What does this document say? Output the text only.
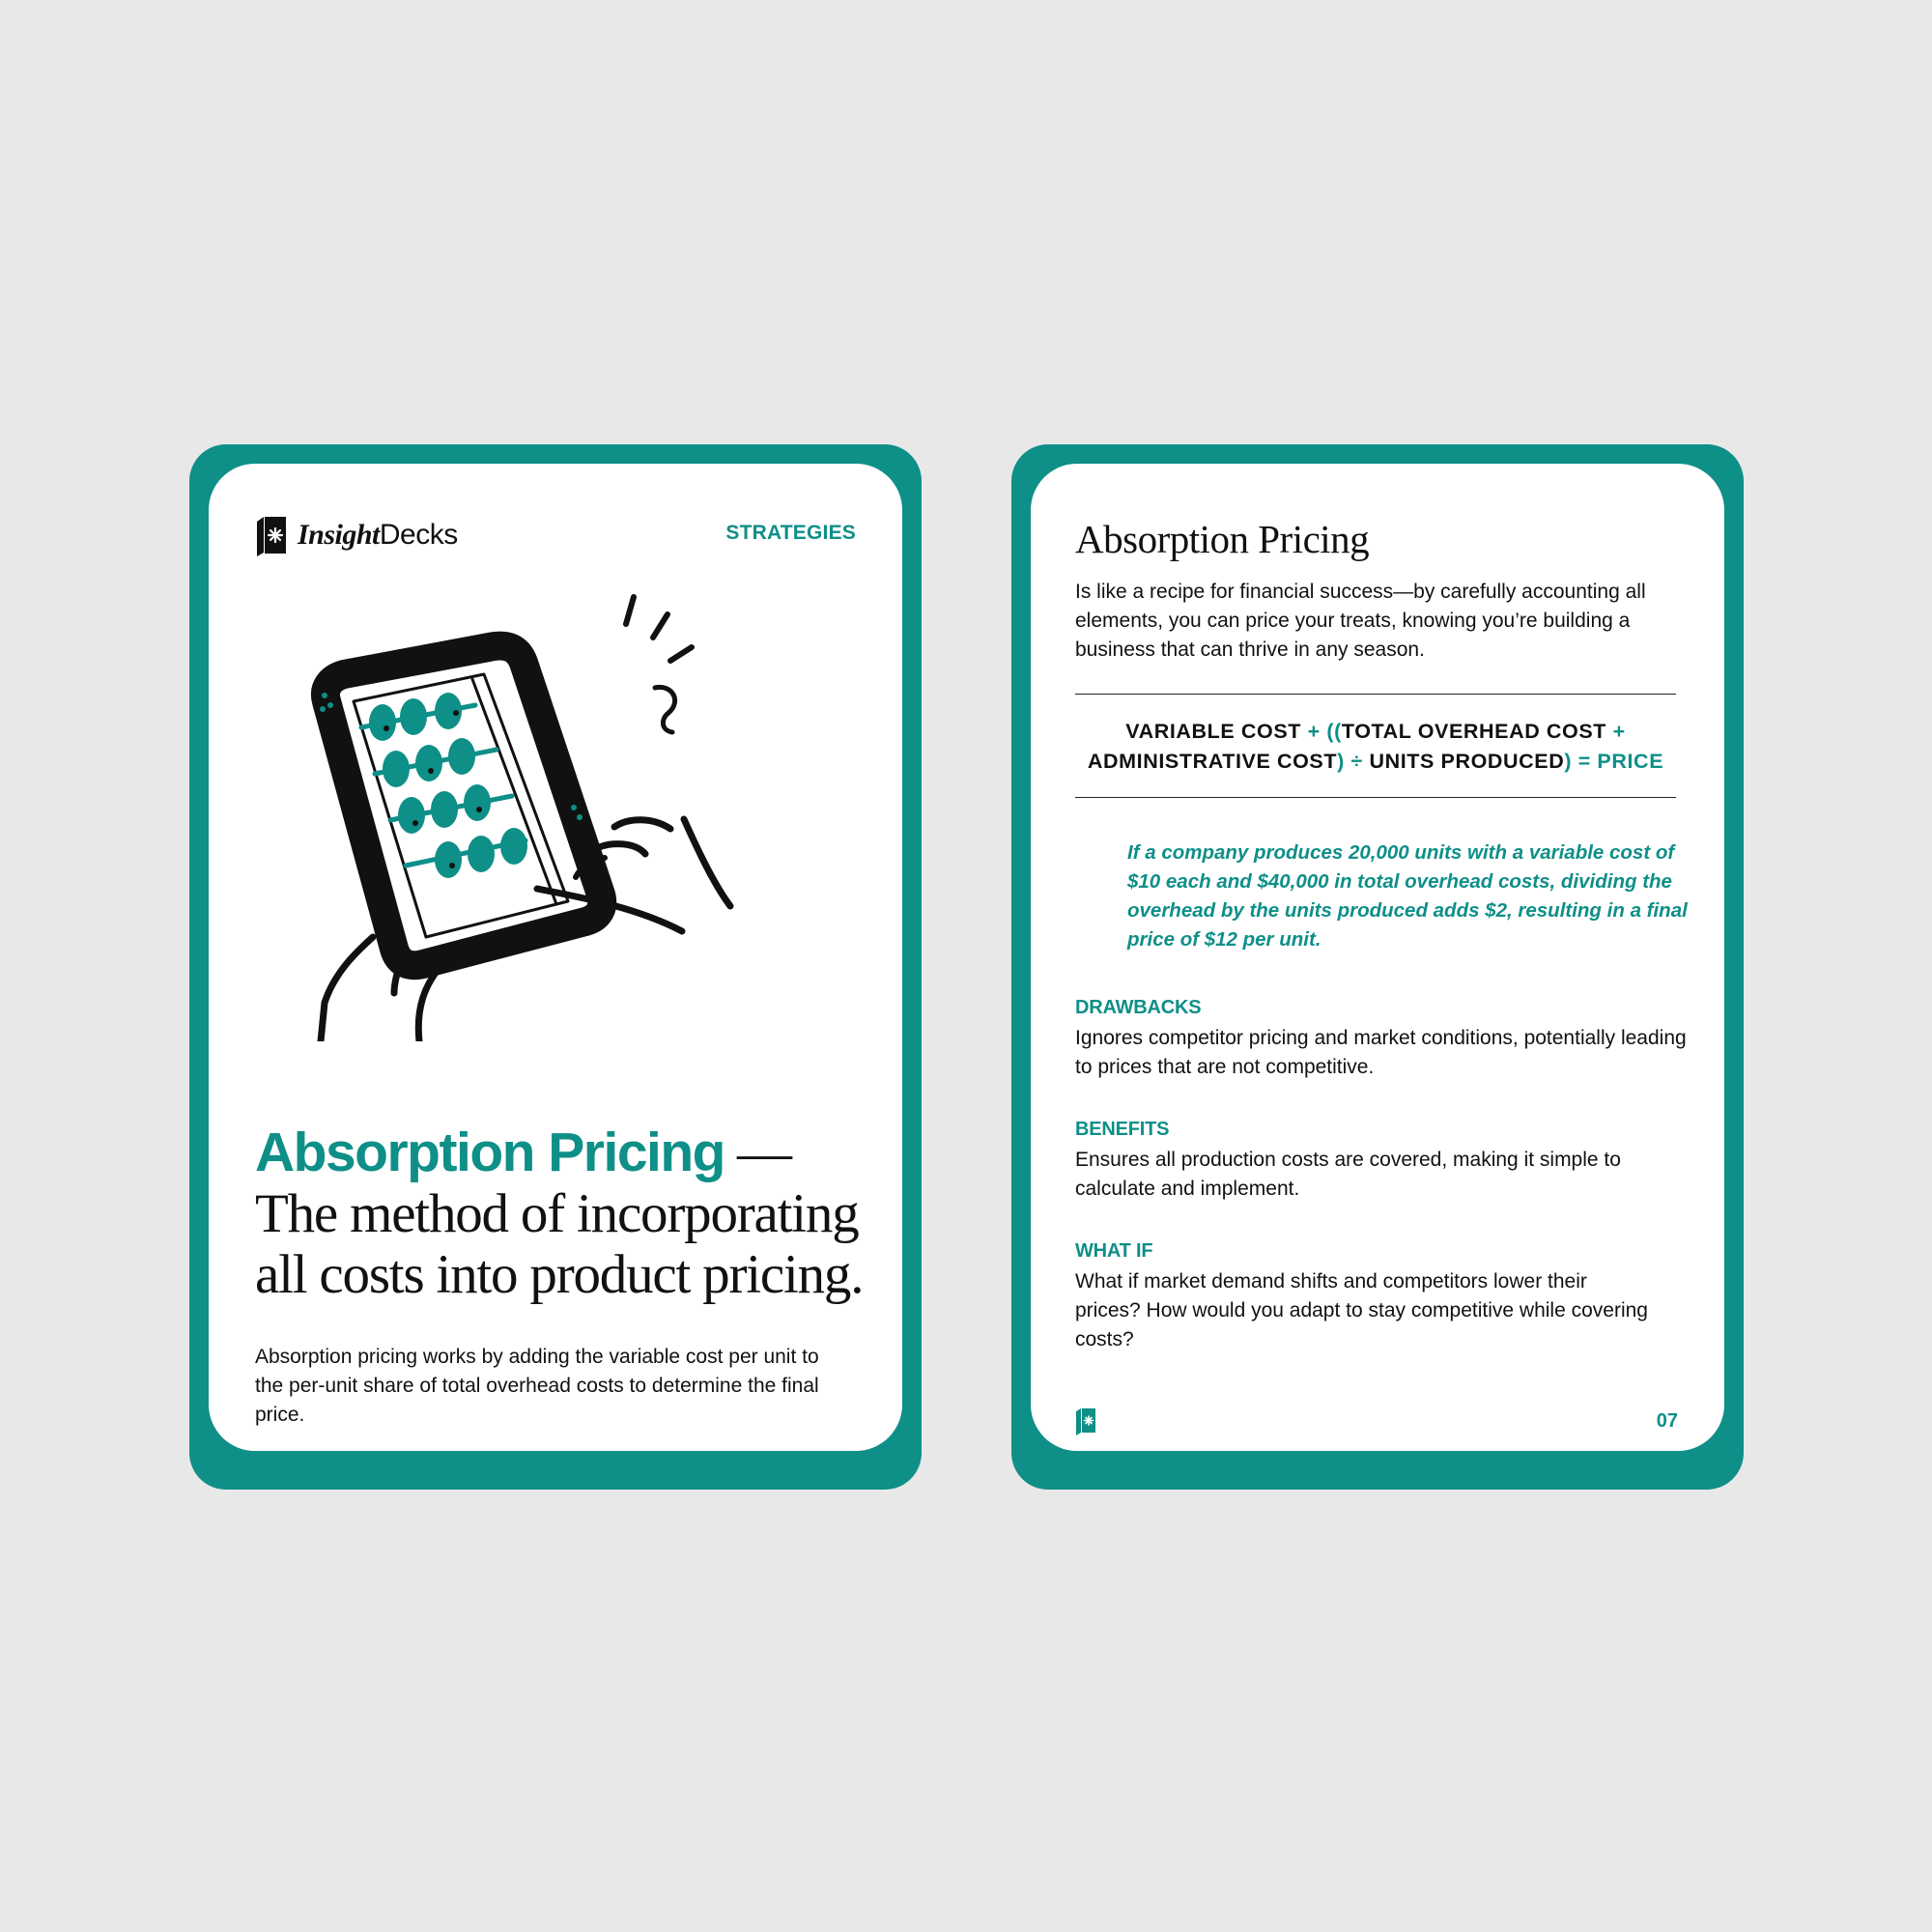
InsightDecks	STRATEGIES
Absorption Pricing — The method of incorporating all costs into product pricing.
Absorption pricing works by adding the variable cost per unit to the per-unit share of total overhead costs to determine the final price.
Absorption Pricing
Is like a recipe for financial success—by carefully accounting all elements, you can price your treats, knowing you’re building a business that can thrive in any season.
VARIABLE COST + ((TOTAL OVERHEAD COST +
ADMINISTRATIVE COST) ÷ UNITS PRODUCED) = PRICE
If a company produces 20,000 units with a variable cost of $10 each and $40,000 in total overhead costs, dividing the overhead by the units produced adds $2, resulting in a final price of $12 per unit.
DRAWBACKS
Ignores competitor pricing and market conditions, potentially leading to prices that are not competitive.
BENEFITS
Ensures all production costs are covered, making it simple to calculate and implement.
WHAT IF
What if market demand shifts and competitors lower their prices? How would you adapt to stay competitive while covering costs?
07
